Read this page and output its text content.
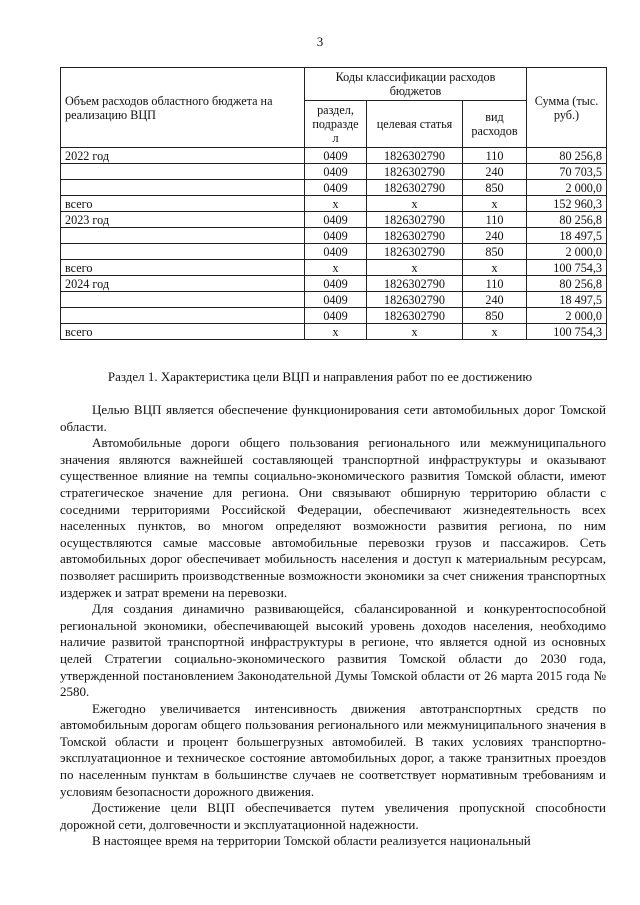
3
Объем расходов областного бюджета на реализацию ВЦП	Коды классификации расходов бюджетов			Сумма (тыс. руб.)
	раздел, подразде л	целевая статья	вид расходов	
2022 год	0409	1826302790	110	80 256,8
	0409	1826302790	240	70 703,5
	0409	1826302790	850	2 000,0
всего	х	х	х	152 960,3
2023 год	0409	1826302790	110	80 256,8
	0409	1826302790	240	18 497,5
	0409	1826302790	850	2 000,0
всего	х	х	х	100 754,3
2024 год	0409	1826302790	110	80 256,8
	0409	1826302790	240	18 497,5
	0409	1826302790	850	2 000,0
всего	х	х	х	100 754,3
Раздел 1. Характеристика цели ВЦП и направления работ по ее достижению

Целью ВЦП является обеспечение функционирования сети автомобильных дорог Томской области.

Автомобильные дороги общего пользования регионального или межмуниципального значения являются важнейшей составляющей транспортной инфраструктуры и оказывают существенное влияние на темпы социально-экономического развития Томской области, имеют стратегическое значение для региона. Они связывают обширную территорию области с соседними территориями Российской Федерации, обеспечивают жизнедеятельность всех населенных пунктов, во многом определяют возможности развития региона, по ним осуществляются самые массовые автомобильные перевозки грузов и пассажиров. Сеть автомобильных дорог обеспечивает мобильность населения и доступ к материальным ресурсам, позволяет расширить производственные возможности экономики за счет снижения транспортных издержек и затрат времени на перевозки.

Для создания динамично развивающейся, сбалансированной и конкурентоспособной региональной экономики, обеспечивающей высокий уровень доходов населения, необходимо наличие развитой транспортной инфраструктуры в регионе, что является одной из основных целей Стратегии социально-экономического развития Томской области до 2030 года, утвержденной постановлением Законодательной Думы Томской области от 26 марта 2015 года № 2580.

Ежегодно увеличивается интенсивность движения автотранспортных средств по автомобильным дорогам общего пользования регионального или межмуниципального значения в Томской области и процент большегрузных автомобилей. В таких условиях транспортно-эксплуатационное и техническое состояние автомобильных дорог, а также транзитных проездов по населенным пунктам в большинстве случаев не соответствует нормативным требованиям и условиям безопасности дорожного движения.

Достижение цели ВЦП обеспечивается путем увеличения пропускной способности дорожной сети, долговечности и эксплуатационной надежности.

В настоящее время на территории Томской области реализуется национальный
